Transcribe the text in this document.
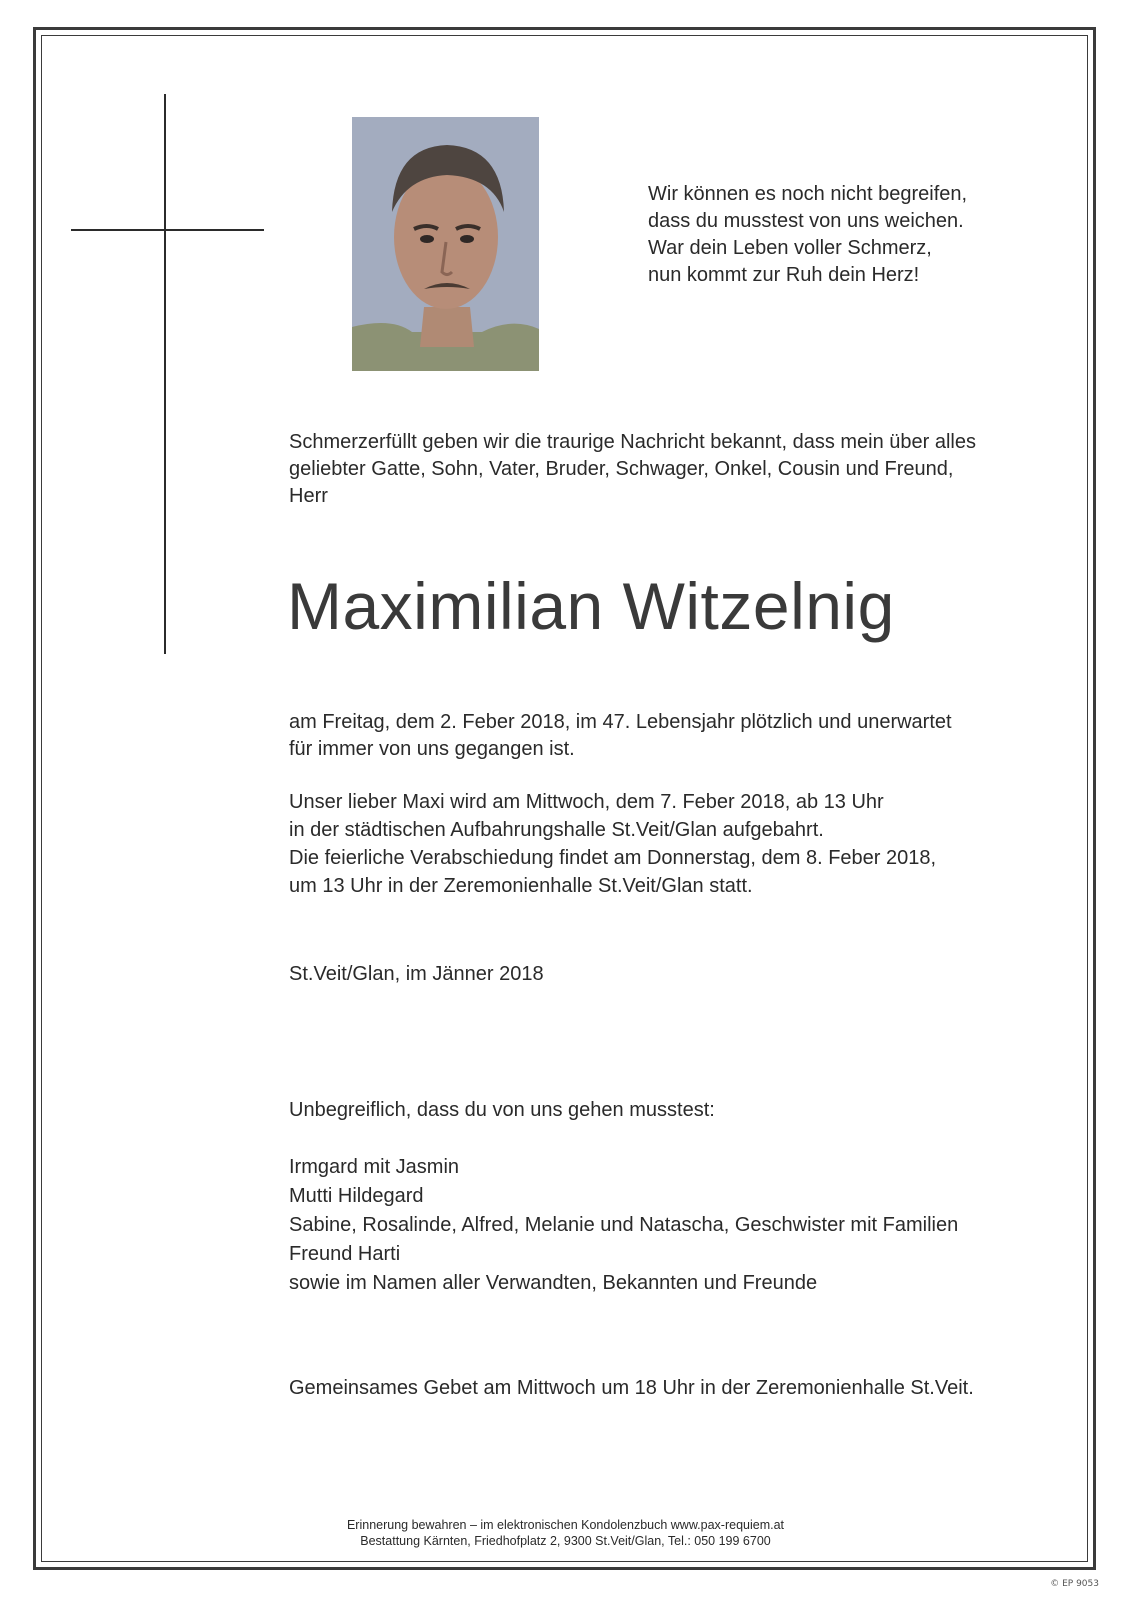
Wir können es noch nicht begreifen,
dass du musstest von uns weichen.
War dein Leben voller Schmerz,
nun kommt zur Ruh dein Herz!
Schmerzerfüllt geben wir die traurige Nachricht bekannt, dass mein über alles
geliebter Gatte, Sohn, Vater, Bruder, Schwager, Onkel, Cousin und Freund,
Herr
Maximilian Witzelnig
am Freitag, dem 2. Feber 2018, im 47. Lebensjahr plötzlich und unerwartet
für immer von uns gegangen ist.
Unser lieber Maxi wird am Mittwoch, dem 7. Feber 2018, ab 13 Uhr
in der städtischen Aufbahrungshalle St.Veit/Glan aufgebahrt.
Die feierliche Verabschiedung findet am Donnerstag, dem 8. Feber 2018,
um 13 Uhr in der Zeremonienhalle St.Veit/Glan statt.
St.Veit/Glan, im Jänner 2018
Unbegreiflich, dass du von uns gehen musstest:
Irmgard mit Jasmin
Mutti Hildegard
Sabine, Rosalinde, Alfred, Melanie und Natascha, Geschwister mit Familien
Freund Harti
sowie im Namen aller Verwandten, Bekannten und Freunde
Gemeinsames Gebet am Mittwoch um 18 Uhr in der Zeremonienhalle St.Veit.
Erinnerung bewahren – im elektronischen Kondolenzbuch www.pax-requiem.at
Bestattung Kärnten, Friedhofplatz 2, 9300 St.Veit/Glan, Tel.: 050 199 6700
© EP 9053
